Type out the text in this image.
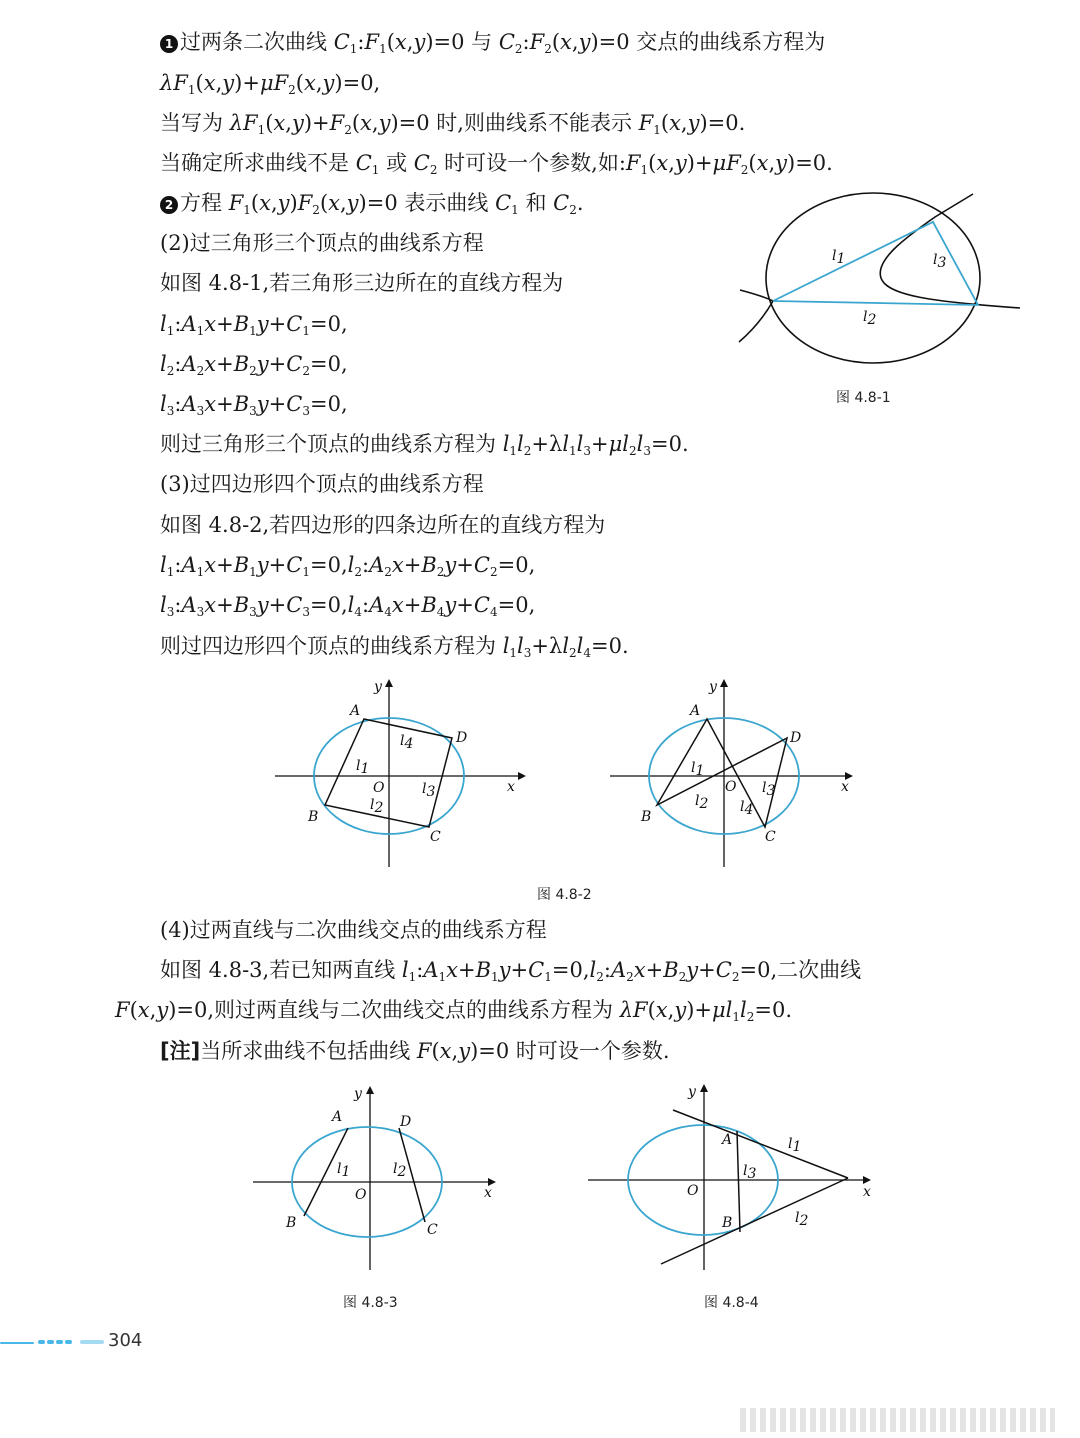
1 过两条二次曲线 $C_1:F_1(x,y)=0$ 与 $C_2:F_2(x,y)=0$ 交点的曲线系方程为
$\lambda F_1(x,y)+\mu F_2(x,y)=0$,
当写为 $\lambda F_1(x,y)+F_2(x,y)=0$ 时,则曲线系不能表示 $F_1(x,y)=0$.
当确定所求曲线不是 $C_1$ 或 $C_2$ 时可设一个参数,如$:F_1(x,y)+\mu F_2(x,y)=0$.
2 方程 $F_1(x,y)F_2(x,y)=0$ 表示曲线 $C_1$ 和 $C_2$.
(2)过三角形三个顶点的曲线系方程
如图 4.8-1,若三角形三边所在的直线方程为
$l_1:A_1x+B_1y+C_1=0$,
$l_2:A_2x+B_2y+C_2=0$,
$l_3:A_3x+B_3y+C_3=0$,
则过三角形三个顶点的曲线系方程为 $l_1l_2+\lambda l_1l_3+\mu l_2l_3=0$.
(3)过四边形四个顶点的曲线系方程
如图 4.8-2,若四边形的四条边所在的直线方程为
$l_1:A_1x+B_1y+C_1=0,l_2:A_2x+B_2y+C_2=0$,
$l_3:A_3x+B_3y+C_3=0,l_4:A_4x+B_4y+C_4=0$,
则过四边形四个顶点的曲线系方程为 $l_1l_3+\lambda l_2l_4=0$.
(4)过两直线与二次曲线交点的曲线系方程
如图 4.8-3,若已知两直线 $l_1:A_1x+B_1y+C_1=0,l_2:A_2x+B_2y+C_2=0$,二次曲线
F(x,y)=0,则过两直线与二次曲线交点的曲线系方程为 $\lambda F(x,y)+\mu l_1l_2=0$.
[注]当所求曲线不包括曲线 F(x,y)=0 时可设一个参数.
l1	l3
l2
图 4.8-1
A
D
B
C
O	x
y
l4
l1
l3
l2
A
D
B
C
O	x
y
l1
l2
l3
l4
图 4.8-2
A	D
B	C
O	x
y
l1	l2
图 4.8-3
A
B
O	x
y
l1
l3
l2
图 4.8-4
304
